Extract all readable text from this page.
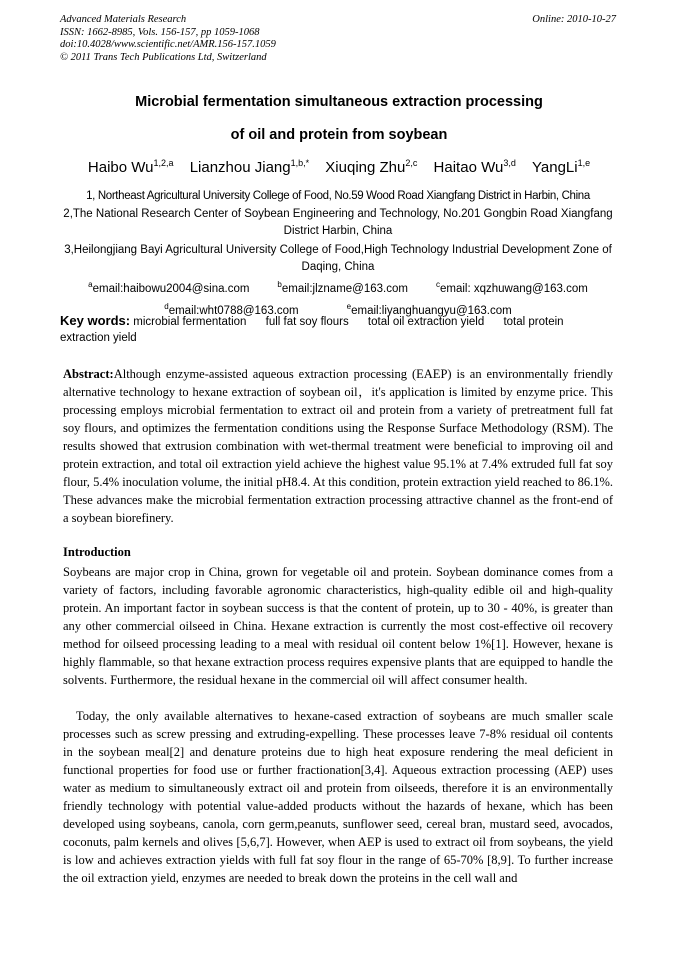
Advanced Materials Research
ISSN: 1662-8985, Vols. 156-157, pp 1059-1068
doi:10.4028/www.scientific.net/AMR.156-157.1059
© 2011 Trans Tech Publications Ltd, Switzerland
Online: 2010-10-27
Microbial fermentation simultaneous extraction processing
of oil and protein from soybean
Haibo Wu$^{1,2,a}$ Lianzhou Jiang$^{1,b,*}$ Xiuqing Zhu$^{2,c}$ Haitao Wu$^{3,d}$ YangLi$^{1,e}$
1, Northeast Agricultural University College of Food, No.59 Wood Road Xiangfang District in Harbin, China
2,The National Research Center of Soybean Engineering and Technology, No.201 Gongbin Road Xiangfang District Harbin, China
3,Heilongjiang Bayi Agricultural University College of Food,High Technology Industrial Development Zone of Daqing, China
$^a$email:haibowu2004@sina.com	$^b$email:jlzname@163.com	$^c$email: xqzhuwang@163.com
$^d$email:wht0788@163.com	$^e$email:liyanghuangyu@163.com
Key words: microbial fermentation full fat soy flours total oil extraction yield total protein extraction yield

Abstract:Although enzyme-assisted aqueous extraction processing (EAEP) is an environmentally friendly alternative technology to hexane extraction of soybean oil，it's application is limited by enzyme price. This processing employs microbial fermentation to extract oil and protein from a variety of pretreatment full fat soy flours, and optimizes the fermentation conditions using the Response Surface Methodology (RSM). The results showed that extrusion combination with wet-thermal treatment were beneficial to improving oil and protein extraction, and total oil extraction yield achieve the highest value 95.1% at 7.4% extruded full fat soy flour, 5.4% inoculation volume, the initial pH8.4. At this condition, protein extraction yield reached to 86.1%. These advances make the microbial fermentation extraction processing attractive channel as the front-end of a soybean biorefinery.

Introduction

Soybeans are major crop in China, grown for vegetable oil and protein. Soybean dominance comes from a variety of factors, including favorable agronomic characteristics, high-quality edible oil and high-quality protein. An important factor in soybean success is that the content of protein, up to 30 - 40%, is greater than any other commercial oilseed in China. Hexane extraction is currently the most cost-effective oil recovery method for oilseed processing leading to a meal with residual oil content below 1%[1]. However, hexane is highly flammable, so that hexane extraction process requires expensive plants that are equipped to handle the solvents. Furthermore, the residual hexane in the commercial oil will affect consumer health.

Today, the only available alternatives to hexane-cased extraction of soybeans are much smaller scale processes such as screw pressing and extruding-expelling. These processes leave 7-8% residual oil contents in the soybean meal[2] and denature proteins due to high heat exposure rendering the meal deficient in functional properties for food use or further fractionation[3,4]. Aqueous extraction processing (AEP) uses water as medium to simultaneously extract oil and protein from oilseeds, therefore it is an environmentally friendly technology with potential value-added products without the hazards of hexane, which has been developed using soybeans, canola, corn germ,peanuts, sunflower seed, cereal bran, mustard seed, avocados, coconuts, palm kernels and olives [5,6,7]. However, when AEP is used to extract oil from soybeans, the yield is low and achieves extraction yields with full fat soy flour in the range of 65-70% [8,9]. To further increase the oil extraction yield, enzymes are needed to break down the proteins in the cell wall and
